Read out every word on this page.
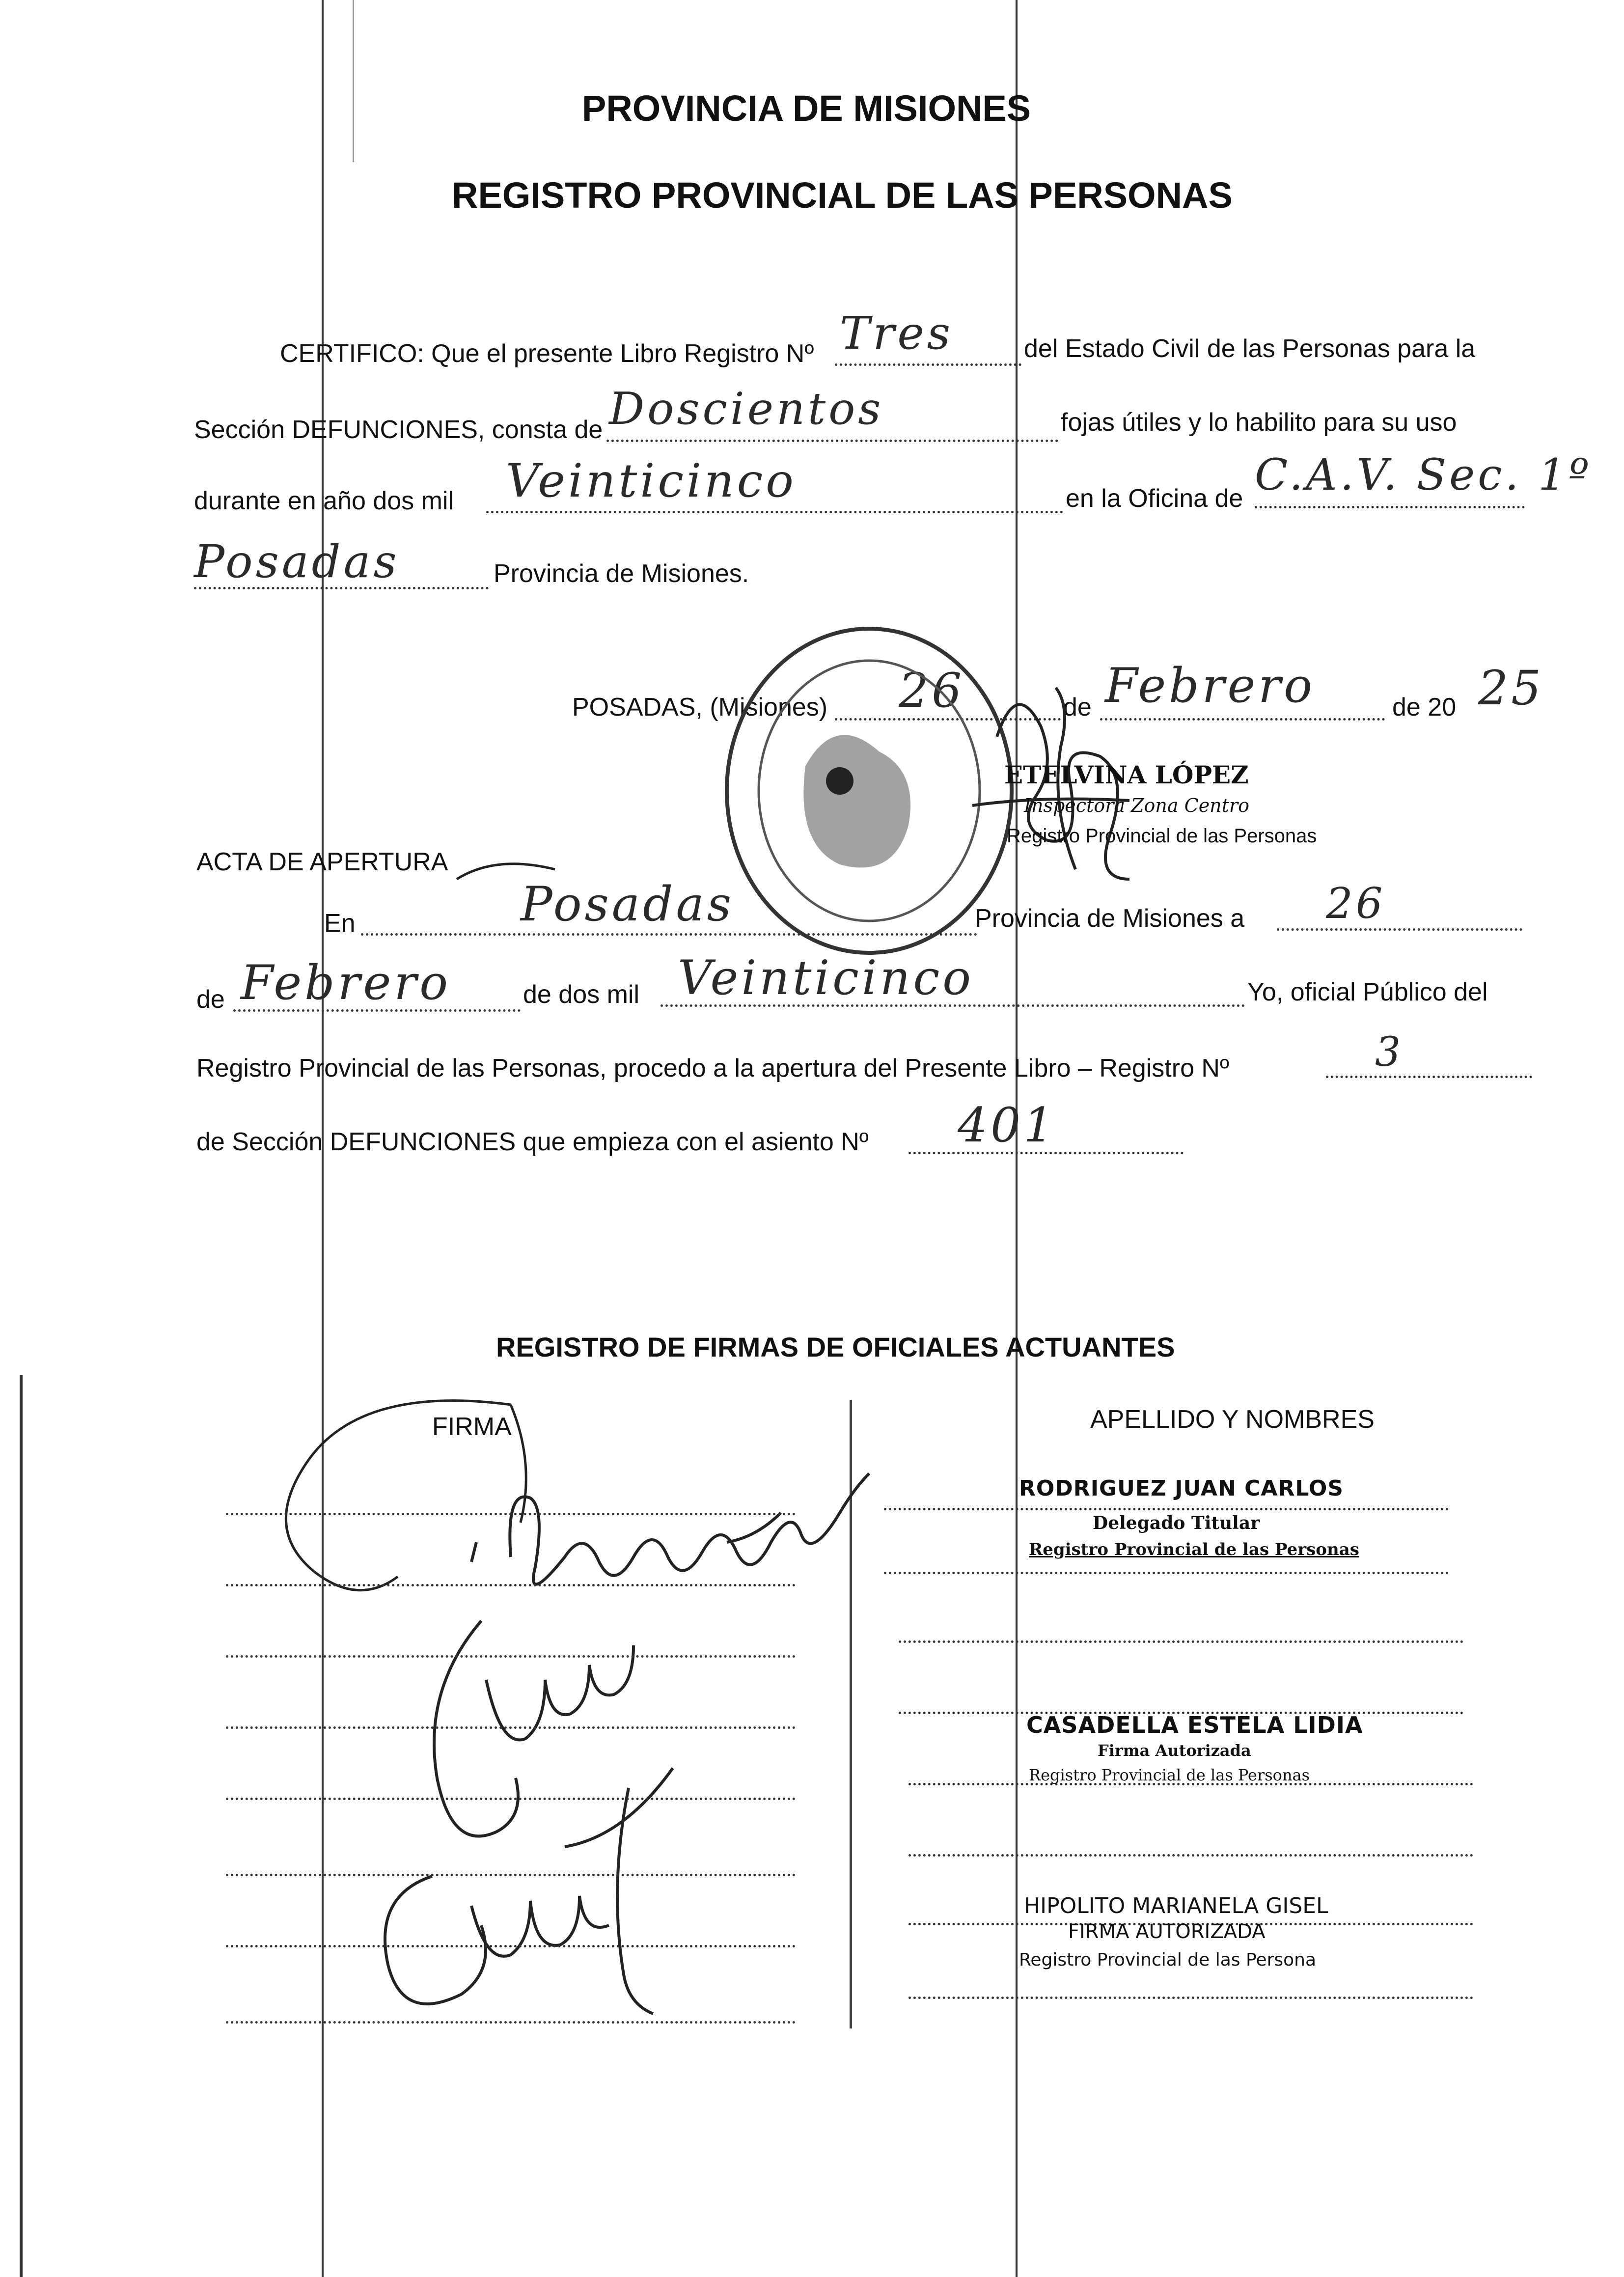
PROVINCIA DE MISIONES
REGISTRO PROVINCIAL DE LAS PERSONAS
CERTIFICO: Que el presente Libro Registro Nº	del Estado Civil de las Personas para la
Sección DEFUNCIONES, consta de	fojas útiles y lo habilito para su uso
durante en año dos mil	en la Oficina de
Provincia de Misiones.
Tres
Doscientos
Veinticinco	C.A.V. Sec. 1º
Posadas
POSADAS, (Misiones)	de	de 20
26	Febrero	25
ETELVINA LÓPEZ
Inspectora Zona Centro
Registro Provincial de las Personas
ACTA DE APERTURA
En	Provincia de Misiones a
Posadas	26
de	de dos mil	Yo, oficial Público del
Febrero	Veinticinco
Registro Provincial de las Personas, procedo a la apertura del Presente Libro – Registro Nº	3
de Sección DEFUNCIONES que empieza con el asiento Nº 401
REGISTRO DE FIRMAS DE OFICIALES ACTUANTES
FIRMA	APELLIDO Y NOMBRES
RODRIGUEZ JUAN CARLOS
Delegado Titular
Registro Provincial de las Personas
CASADELLA ESTELA LIDIA
Firma Autorizada
Registro Provincial de las Personas
HIPOLITO MARIANELA GISEL
FIRMA AUTORIZADA
Registro Provincial de las Persona
